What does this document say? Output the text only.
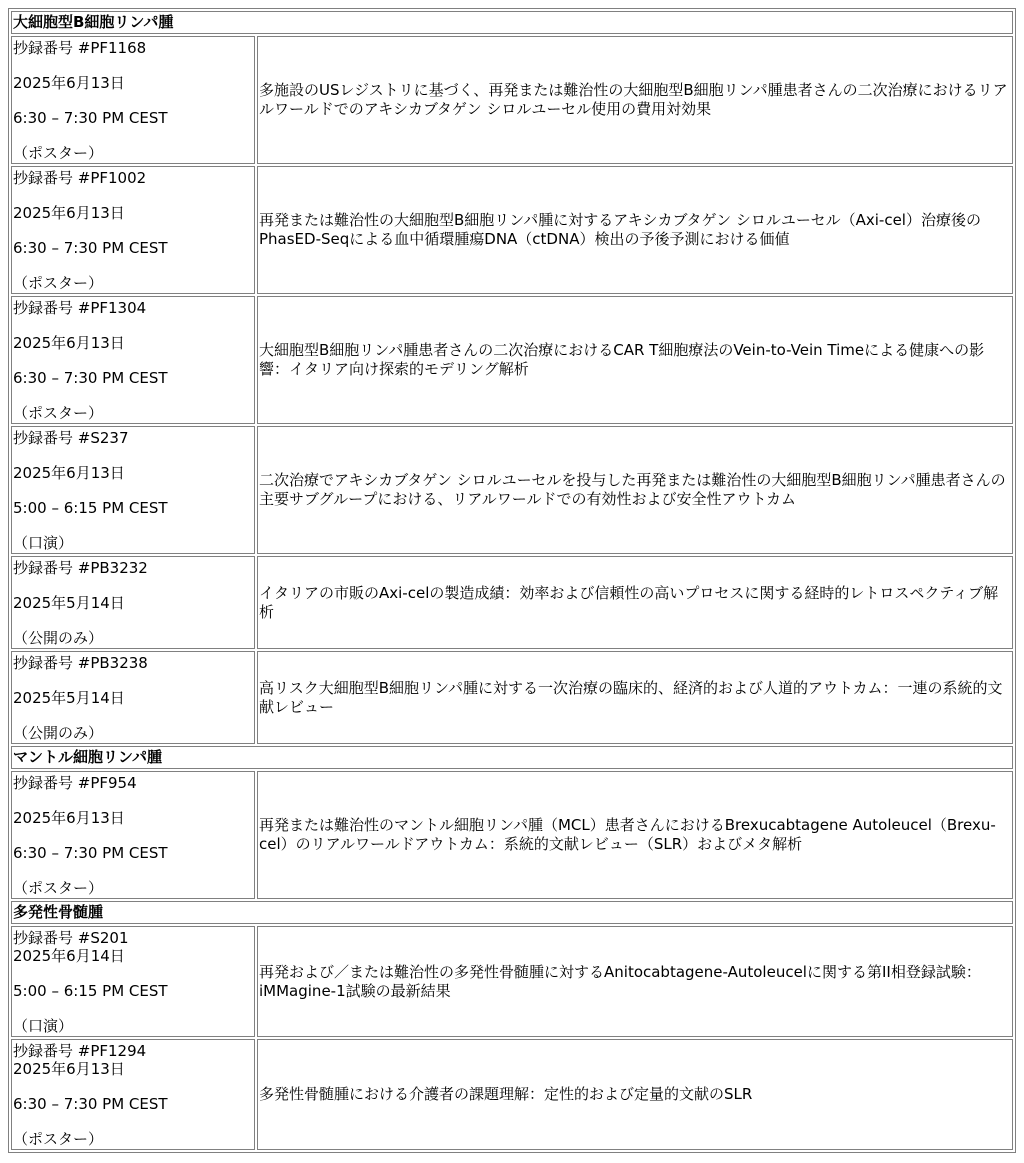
大細胞型B細胞リンパ腫	

抄録番号 #PF1168

2025年6月13日

6:30 – 7:30 PM CEST

（ポスター）	多施設のUSレジストリに基づく、再発または難治性の大細胞型B細胞リンパ腫患者さんの二次治療におけるリアルワールドでのアキシカブタゲン シロルユーセル使用の費用対効果

抄録番号 #PF1002

2025年6月13日

6:30 – 7:30 PM CEST

（ポスター）	再発または難治性の大細胞型B細胞リンパ腫に対するアキシカブタゲン シロルユーセル（Axi-cel）治療後のPhasED-Seqによる血中循環腫瘍DNA（ctDNA）検出の予後予測における価値

抄録番号 #PF1304

2025年6月13日

6:30 – 7:30 PM CEST

（ポスター）	大細胞型B細胞リンパ腫患者さんの二次治療におけるCAR T細胞療法のVein-to-Vein Timeによる健康への影響：イタリア向け探索的モデリング解析

抄録番号 #S237

2025年6月13日

5:00 – 6:15 PM CEST

（口演）	二次治療でアキシカブタゲン シロルユーセルを投与した再発または難治性の大細胞型B細胞リンパ腫患者さんの主要サブグループにおける、リアルワールドでの有効性および安全性アウトカム

抄録番号 #PB3232

2025年5月14日

（公開のみ）	イタリアの市販のAxi-celの製造成績：効率および信頼性の高いプロセスに関する経時的レトロスペクティブ解析

抄録番号 #PB3238

2025年5月14日

（公開のみ）	高リスク大細胞型B細胞リンパ腫に対する一次治療の臨床的、経済的および人道的アウトカム：一連の系統的文献レビュー
マントル細胞リンパ腫	

抄録番号 #PF954

2025年6月13日

6:30 – 7:30 PM CEST

（ポスター）	再発または難治性のマントル細胞リンパ腫（MCL）患者さんにおけるBrexucabtagene Autoleucel（Brexu-cel）のリアルワールドアウトカム：系統的文献レビュー（SLR）およびメタ解析
多発性骨髄腫	

抄録番号 #S201

2025年6月14日

5:00 – 6:15 PM CEST

（口演）	再発および／または難治性の多発性骨髄腫に対するAnitocabtagene-Autoleucelに関する第II相登録試験：iMMagine-1試験の最新結果

抄録番号 #PF1294

2025年6月13日

6:30 – 7:30 PM CEST

（ポスター）	多発性骨髄腫における介護者の課題理解：定性的および定量的文献のSLR
